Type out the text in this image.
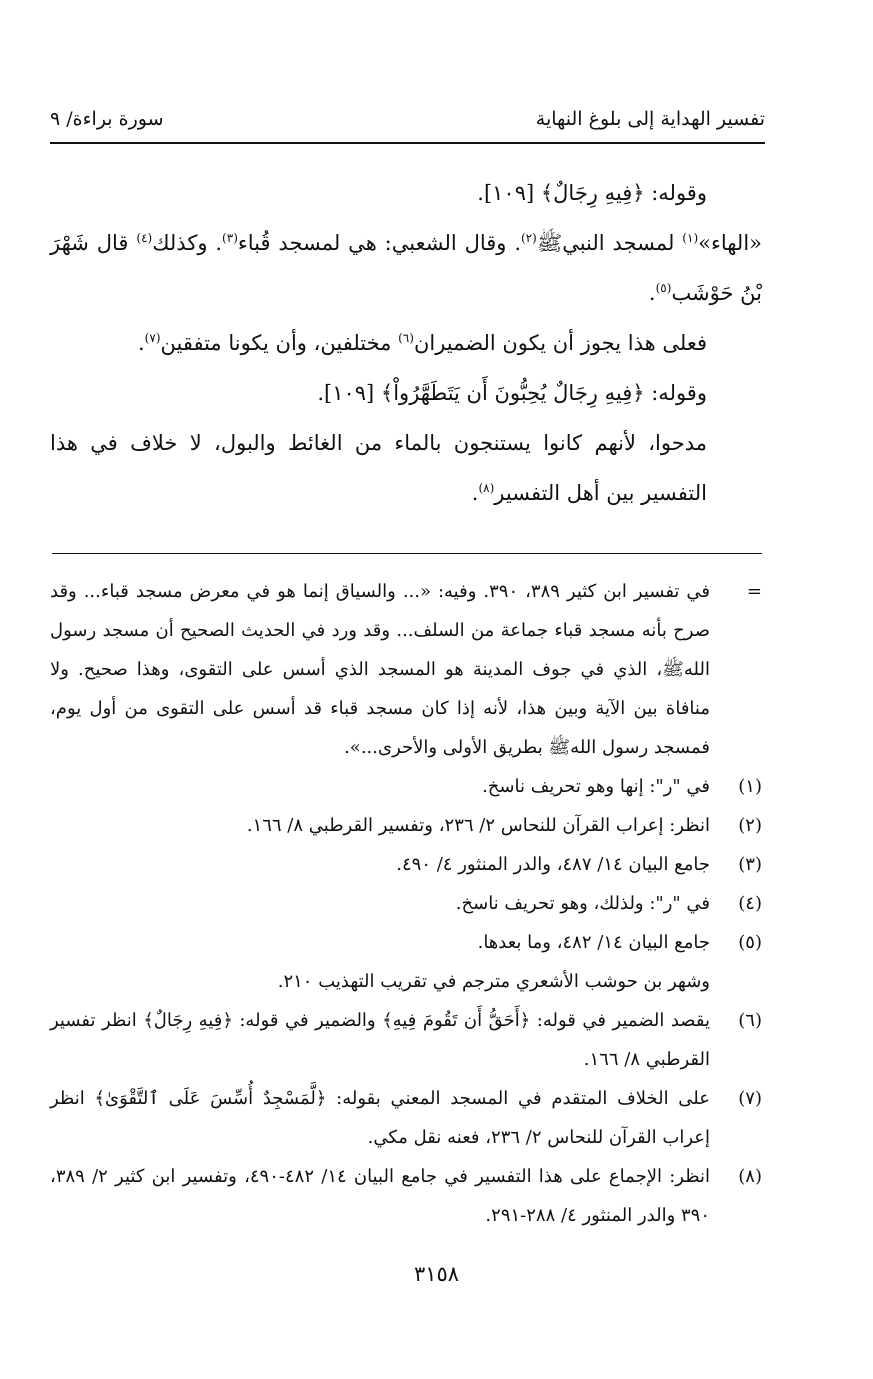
تفسير الهداية إلى بلوغ النهاية
سورة براءة/ ٩

وقوله: ﴿فِيهِ رِجَالٌ﴾ [١٠٩].

«الهاء»$^{(١)}$ لمسجد النبيﷺ$^{(٢)}$. وقال الشعبي: هي لمسجد قُباء$^{(٣)}$. وكذلك$^{(٤)}$ قال شَهْرَ بْنُ حَوْشَب$^{(٥)}$.

فعلى هذا يجوز أن يكون الضميران$^{(٦)}$ مختلفين، وأن يكونا متفقين$^{(٧)}$.

وقوله: ﴿فِيهِ رِجَالٌ يُحِبُّونَ أَن يَتَطَهَّرُواْ﴾ [١٠٩].

مدحوا، لأنهم كانوا يستنجون بالماء من الغائط والبول، لا خلاف في هذا التفسير بين أهل التفسير$^{(٨)}$.

=
في تفسير ابن كثير ٣٨٩، ٣٩٠. وفيه: «... والسياق إنما هو في معرض مسجد قباء... وقد صرح بأنه مسجد قباء جماعة من السلف... وقد ورد في الحديث الصحيح أن مسجد رسول اللهﷺ، الذي في جوف المدينة هو المسجد الذي أسس على التقوى، وهذا صحيح. ولا منافاة بين الآية وبين هذا، لأنه إذا كان مسجد قباء قد أسس على التقوى من أول يوم، فمسجد رسول اللهﷺ بطريق الأولى والأحرى...».
(١)
في "ر": إنها وهو تحريف ناسخ.
(٢)
انظر: إعراب القرآن للنحاس ٢/ ٢٣٦، وتفسير القرطبي ٨/ ١٦٦.
(٣)
جامع البيان ١٤/ ٤٨٧، والدر المنثور ٤/ ٤٩٠.
(٤)
في "ر": ولذلك، وهو تحريف ناسخ.
(٥)
جامع البيان ١٤/ ٤٨٢، وما بعدها.
وشهر بن حوشب الأشعري مترجم في تقريب التهذيب ٢١٠.
(٦)
يقصد الضمير في قوله: ﴿أَحَقُّ أَن تَقُومَ فِيهِ﴾ والضمير في قوله: ﴿فِيهِ رِجَالٌ﴾ انظر تفسير القرطبي ٨/ ١٦٦.
(٧)
على الخلاف المتقدم في المسجد المعني بقوله: ﴿لَّمَسْجِدٌ أُسِّسَ عَلَى ٱلتَّقْوَىٰ﴾ انظر إعراب القرآن للنحاس ٢/ ٢٣٦، فعنه نقل مكي.
(٨)
انظر: الإجماع على هذا التفسير في جامع البيان ١٤/ ٤٨٢-٤٩٠، وتفسير ابن كثير ٢/ ٣٨٩، ٣٩٠ والدر المنثور ٤/ ٢٨٨-٢٩١.
٣١٥٨
